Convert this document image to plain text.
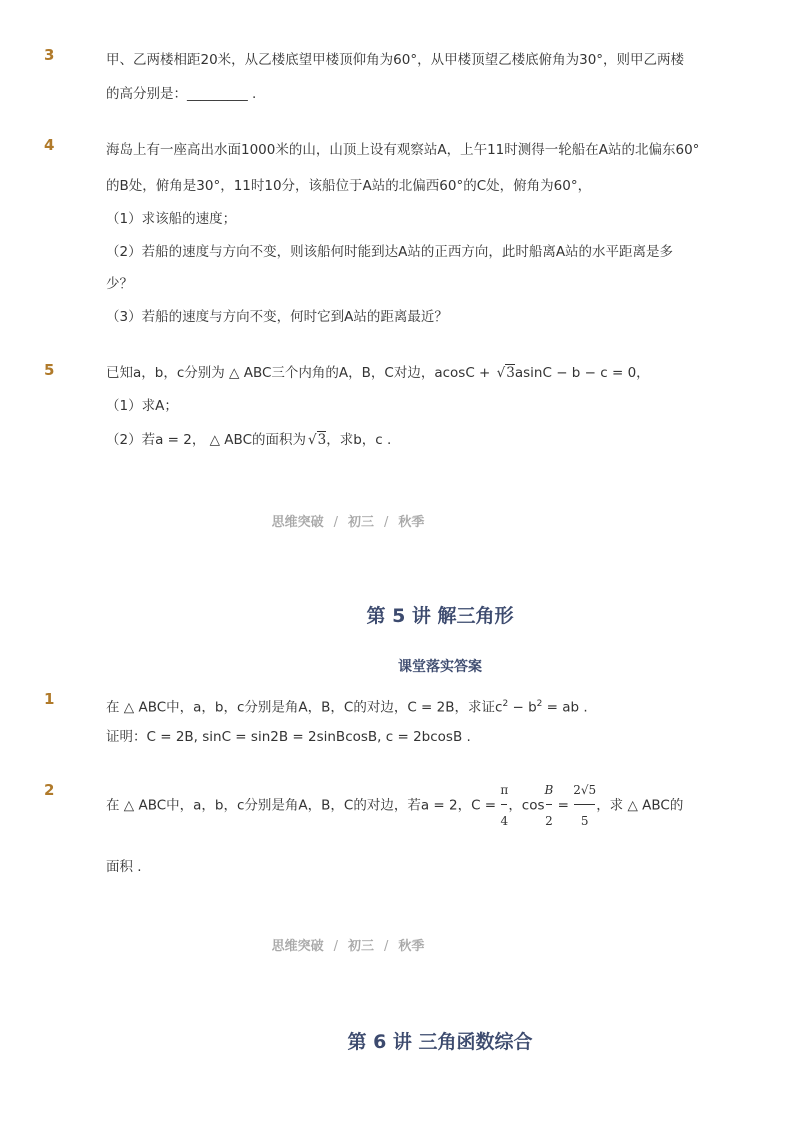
3	甲、乙两楼相距20米，从乙楼底望甲楼顶仰角为60°，从甲楼顶望乙楼底俯角为30°，则甲乙两楼
的高分别是：_________ .
4	海岛上有一座高出水面1000米的山，山顶上设有观察站A，上午11时测得一轮船在A站的北偏东60°
的B处，俯角是30°，11时10分，该船位于A站的北偏西60°的C处，俯角为60°，
（1）求该船的速度；
（2）若船的速度与方向不变，则该船何时能到达A站的正西方向，此时船离A站的水平距离是多
少？
（3）若船的速度与方向不变，何时它到A站的距离最近？
5	已知a，b，c分别为 △ ABC三个内角的A，B，C对边，acosC + √3asinC − b − c = 0，
（1）求A；
（2）若a = 2， △ ABC的面积为 √3，求b，c .
思维突破 / 初三 / 秋季
第 5 讲 解三角形
课堂落实答案
1	在 △ ABC中，a，b，c分别是角A，B，C的对边，C = 2B，求证$c^2 - b^2$ = ab .
证明：C = 2B, sinC = sin2B = 2sinBcosB, c = 2bcosB .
2
在 △ ABC中，a，b，c分别是角A，B，C的对边，若a = 2，$C = \frac{\pi}{4}$ ，$\cos \frac{B}{2} = \frac{2√5}{5}$ ，求 △ ABC的
面积 .
思维突破 / 初三 / 秋季
第 6 讲 三角函数综合
